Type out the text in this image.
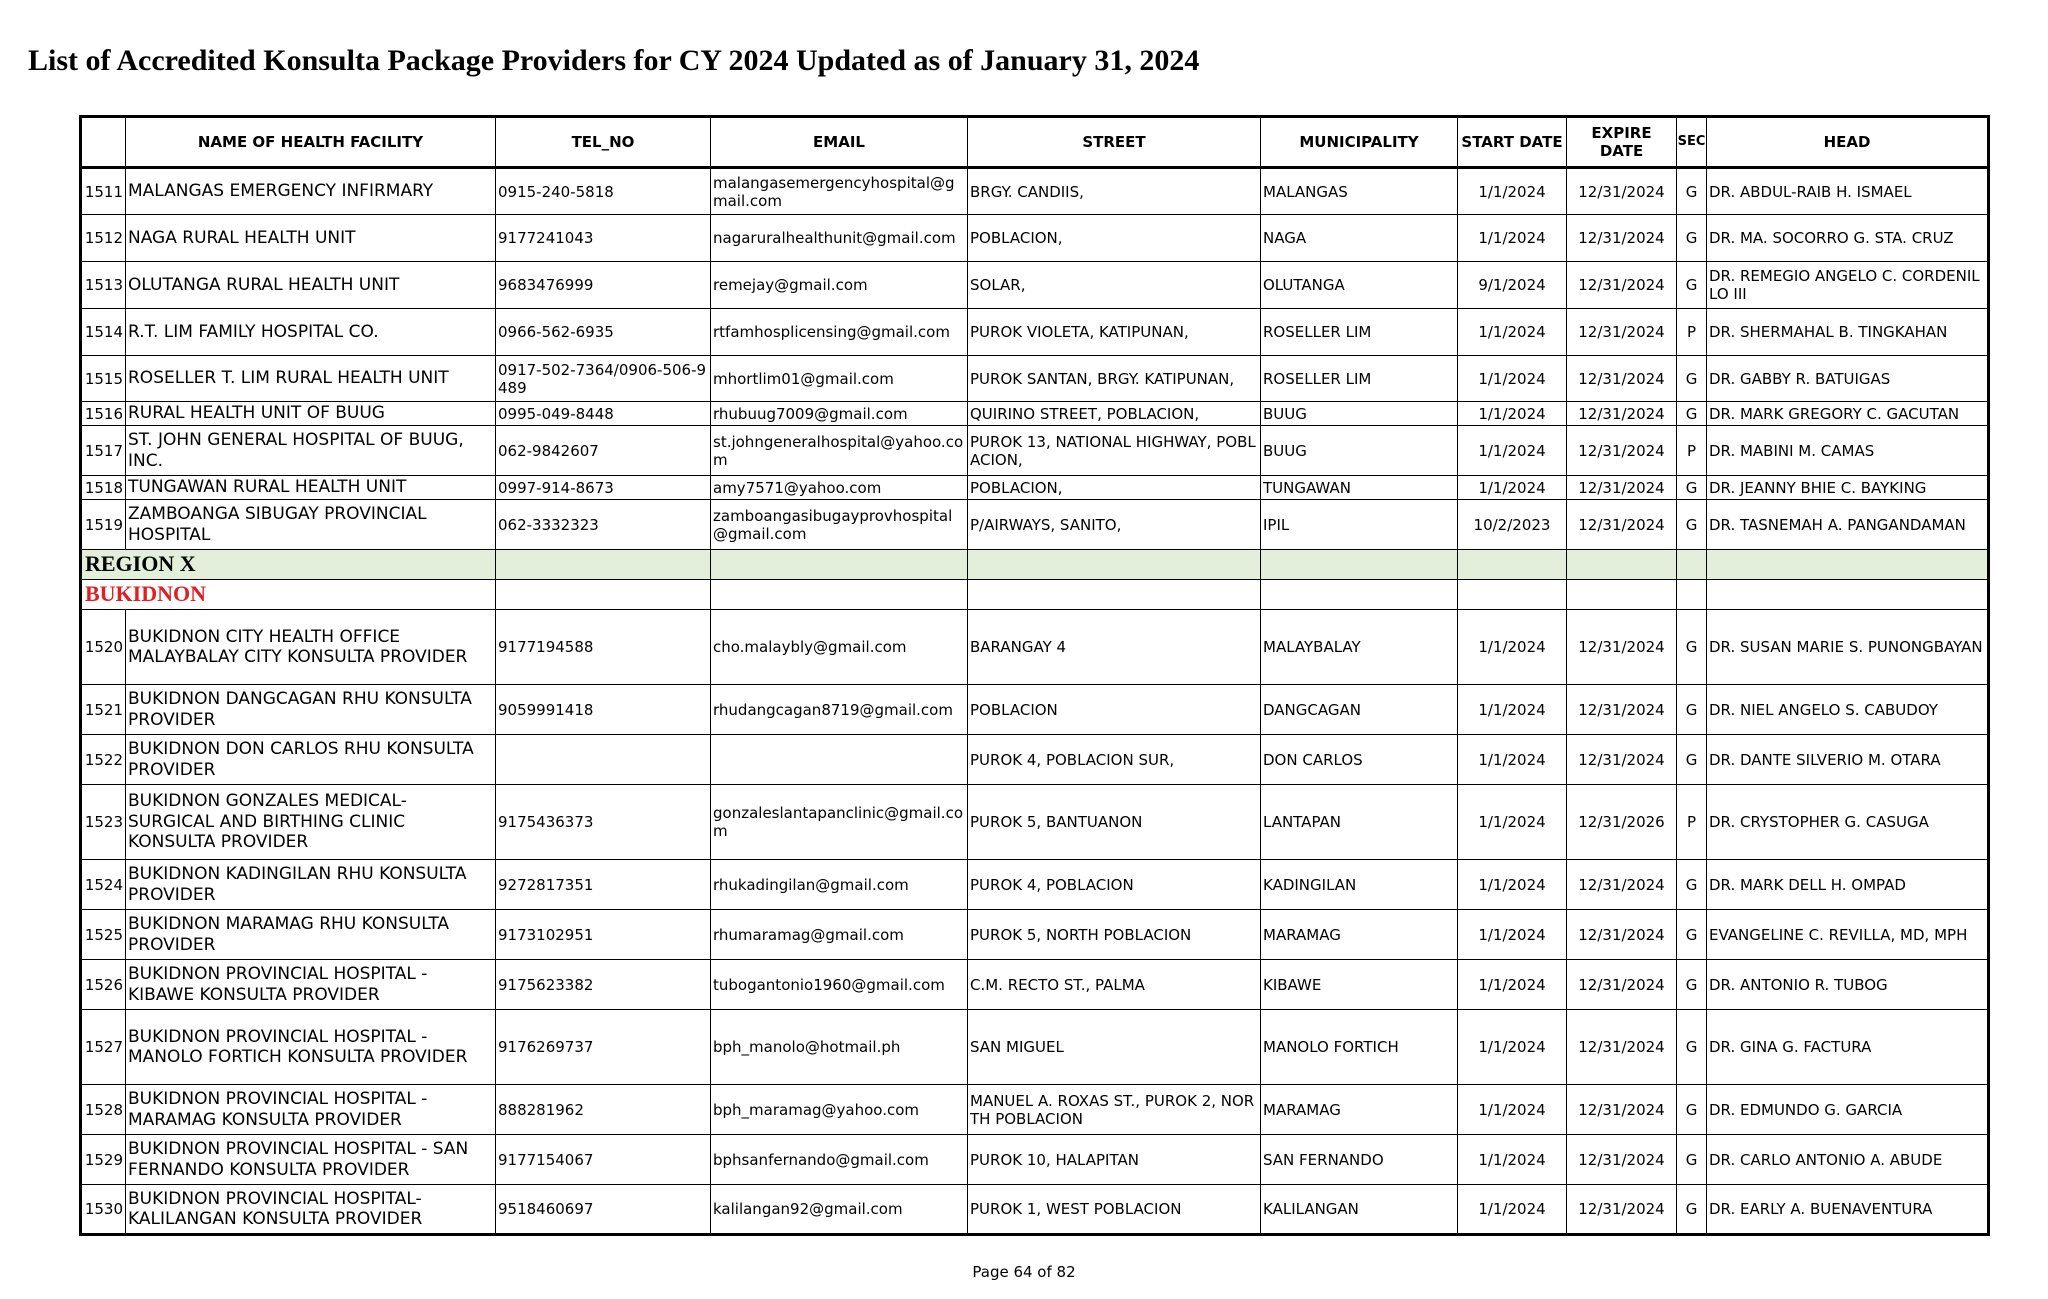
List of Accredited Konsulta Package Providers for CY 2024 Updated as of January 31, 2024
	NAME OF HEALTH FACILITY	TEL_NO	EMAIL	STREET	MUNICIPALITY	START DATE	EXPIRE DATE	SEC	HEAD
1511	MALANGAS EMERGENCY INFIRMARY	0915-240-5818	malangasemergencyhospital@gmail.com	BRGY. CANDIIS,	MALANGAS	1/1/2024	12/31/2024	G	DR. ABDUL-RAIB H. ISMAEL
1512	NAGA RURAL HEALTH UNIT	9177241043	nagaruralhealthunit@gmail.com	POBLACION,	NAGA	1/1/2024	12/31/2024	G	DR. MA. SOCORRO G. STA. CRUZ
1513	OLUTANGA RURAL HEALTH UNIT	9683476999	remejay@gmail.com	SOLAR,	OLUTANGA	9/1/2024	12/31/2024	G	DR. REMEGIO ANGELO C. CORDENILLO III
1514	R.T. LIM FAMILY HOSPITAL CO.	0966-562-6935	rtfamhosplicensing@gmail.com	PUROK VIOLETA, KATIPUNAN,	ROSELLER LIM	1/1/2024	12/31/2024	P	DR. SHERMAHAL B. TINGKAHAN
1515	ROSELLER T. LIM RURAL HEALTH UNIT	0917-502-7364/0906-506-9489	mhortlim01@gmail.com	PUROK SANTAN, BRGY. KATIPUNAN,	ROSELLER LIM	1/1/2024	12/31/2024	G	DR. GABBY R. BATUIGAS
1516	RURAL HEALTH UNIT OF BUUG	0995-049-8448	rhubuug7009@gmail.com	QUIRINO STREET, POBLACION,	BUUG	1/1/2024	12/31/2024	G	DR. MARK GREGORY C. GACUTAN
1517	ST. JOHN GENERAL HOSPITAL OF BUUG, INC.	062-9842607	st.johngeneralhospital@yahoo.com	PUROK 13, NATIONAL HIGHWAY, POBLACION,	BUUG	1/1/2024	12/31/2024	P	DR. MABINI M. CAMAS
1518	TUNGAWAN RURAL HEALTH UNIT	0997-914-8673	amy7571@yahoo.com	POBLACION,	TUNGAWAN	1/1/2024	12/31/2024	G	DR. JEANNY BHIE C. BAYKING
1519	ZAMBOANGA SIBUGAY PROVINCIAL HOSPITAL	062-3332323	zamboangasibugayprovhospital@gmail.com	P/AIRWAYS, SANITO,	IPIL	10/2/2023	12/31/2024	G	DR. TASNEMAH A. PANGANDAMAN
REGION X									
BUKIDNON									
1520	BUKIDNON CITY HEALTH OFFICE MALAYBALAY CITY KONSULTA PROVIDER	9177194588	cho.malaybly@gmail.com	BARANGAY 4	MALAYBALAY	1/1/2024	12/31/2024	G	DR. SUSAN MARIE S. PUNONGBAYAN
1521	BUKIDNON DANGCAGAN RHU KONSULTA PROVIDER	9059991418	rhudangcagan8719@gmail.com	POBLACION	DANGCAGAN	1/1/2024	12/31/2024	G	DR. NIEL ANGELO S. CABUDOY
1522	BUKIDNON DON CARLOS RHU KONSULTA PROVIDER			PUROK 4, POBLACION SUR,	DON CARLOS	1/1/2024	12/31/2024	G	DR. DANTE SILVERIO M. OTARA
1523	BUKIDNON GONZALES MEDICAL-SURGICAL AND BIRTHING CLINIC KONSULTA PROVIDER	9175436373	gonzaleslantapanclinic@gmail.com	PUROK 5, BANTUANON	LANTAPAN	1/1/2024	12/31/2026	P	DR. CRYSTOPHER G. CASUGA
1524	BUKIDNON KADINGILAN RHU KONSULTA PROVIDER	9272817351	rhukadingilan@gmail.com	PUROK 4, POBLACION	KADINGILAN	1/1/2024	12/31/2024	G	DR. MARK DELL H. OMPAD
1525	BUKIDNON MARAMAG RHU KONSULTA PROVIDER	9173102951	rhumaramag@gmail.com	PUROK 5, NORTH POBLACION	MARAMAG	1/1/2024	12/31/2024	G	EVANGELINE C. REVILLA, MD, MPH
1526	BUKIDNON PROVINCIAL HOSPITAL - KIBAWE KONSULTA PROVIDER	9175623382	tubogantonio1960@gmail.com	C.M. RECTO ST., PALMA	KIBAWE	1/1/2024	12/31/2024	G	DR. ANTONIO R. TUBOG
1527	BUKIDNON PROVINCIAL HOSPITAL - MANOLO FORTICH KONSULTA PROVIDER	9176269737	bph_manolo@hotmail.ph	SAN MIGUEL	MANOLO FORTICH	1/1/2024	12/31/2024	G	DR. GINA G. FACTURA
1528	BUKIDNON PROVINCIAL HOSPITAL - MARAMAG KONSULTA PROVIDER	888281962	bph_maramag@yahoo.com	MANUEL A. ROXAS ST., PUROK 2, NORTH POBLACION	MARAMAG	1/1/2024	12/31/2024	G	DR. EDMUNDO G. GARCIA
1529	BUKIDNON PROVINCIAL HOSPITAL - SAN FERNANDO KONSULTA PROVIDER	9177154067	bphsanfernando@gmail.com	PUROK 10, HALAPITAN	SAN FERNANDO	1/1/2024	12/31/2024	G	DR. CARLO ANTONIO A. ABUDE
1530	BUKIDNON PROVINCIAL HOSPITAL- KALILANGAN KONSULTA PROVIDER	9518460697	kalilangan92@gmail.com	PUROK 1, WEST POBLACION	KALILANGAN	1/1/2024	12/31/2024	G	DR. EARLY A. BUENAVENTURA
Page 64 of 82
